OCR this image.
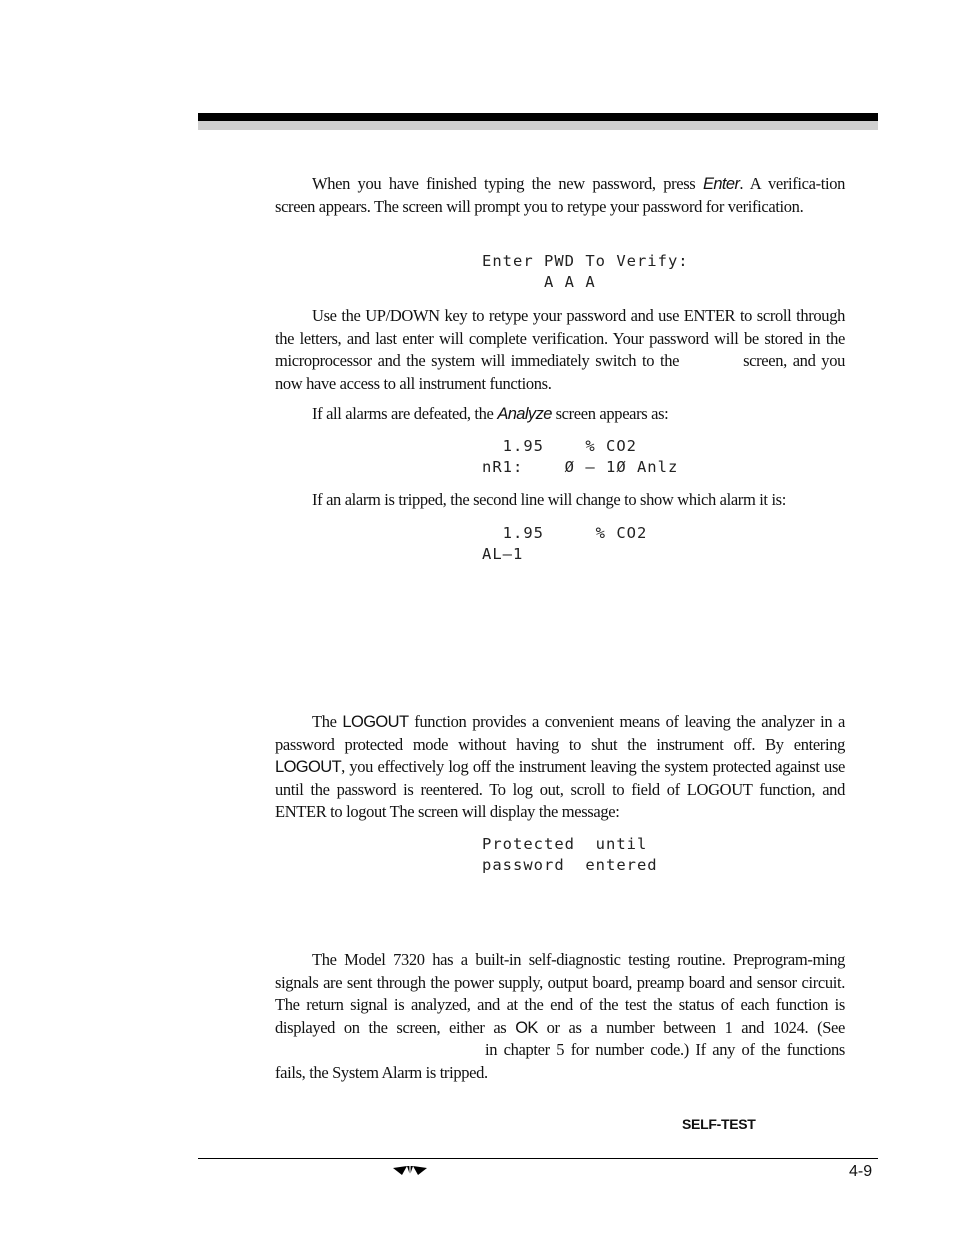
When you have finished typing the new password, press Enter. A verifica-tion screen appears. The screen will prompt you to retype your password for verification.

Enter PWD To Verify:
A A A

Use the UP/DOWN key to retype your password and use ENTER to scroll through the letters, and last enter will complete verification. Your password will be stored in the microprocessor and the system will immediately switch to the	screen, and you now have access to all instrument functions.

If all alarms are defeated, the Analyze screen appears as:

1.95    % CO2
nR1:    Ø — 1Ø Anlz

If an alarm is tripped, the second line will change to show which alarm it is:

1.95     % CO2
AL—1

The LOGOUT function provides a convenient means of leaving the analyzer in a password protected mode without having to shut the instrument off. By entering LOGOUT, you effectively log off the instrument leaving the system protected against use until the password is reentered. To log out, scroll to field of LOGOUT function, and ENTER to logout The screen will display the message:

Protected  until
password  entered

The Model 7320 has a built-in self-diagnostic testing routine. Preprogram-ming signals are sent through the power supply, output board, preamp board and sensor circuit. The return signal is analyzed, and at the end of the test the status of each function is displayed on the screen, either as OK or as a number between 1 and 1024. (Seein chapter 5 for number code.) If any of the functions fails, the System Alarm is tripped.

SELF-TEST
4-9
